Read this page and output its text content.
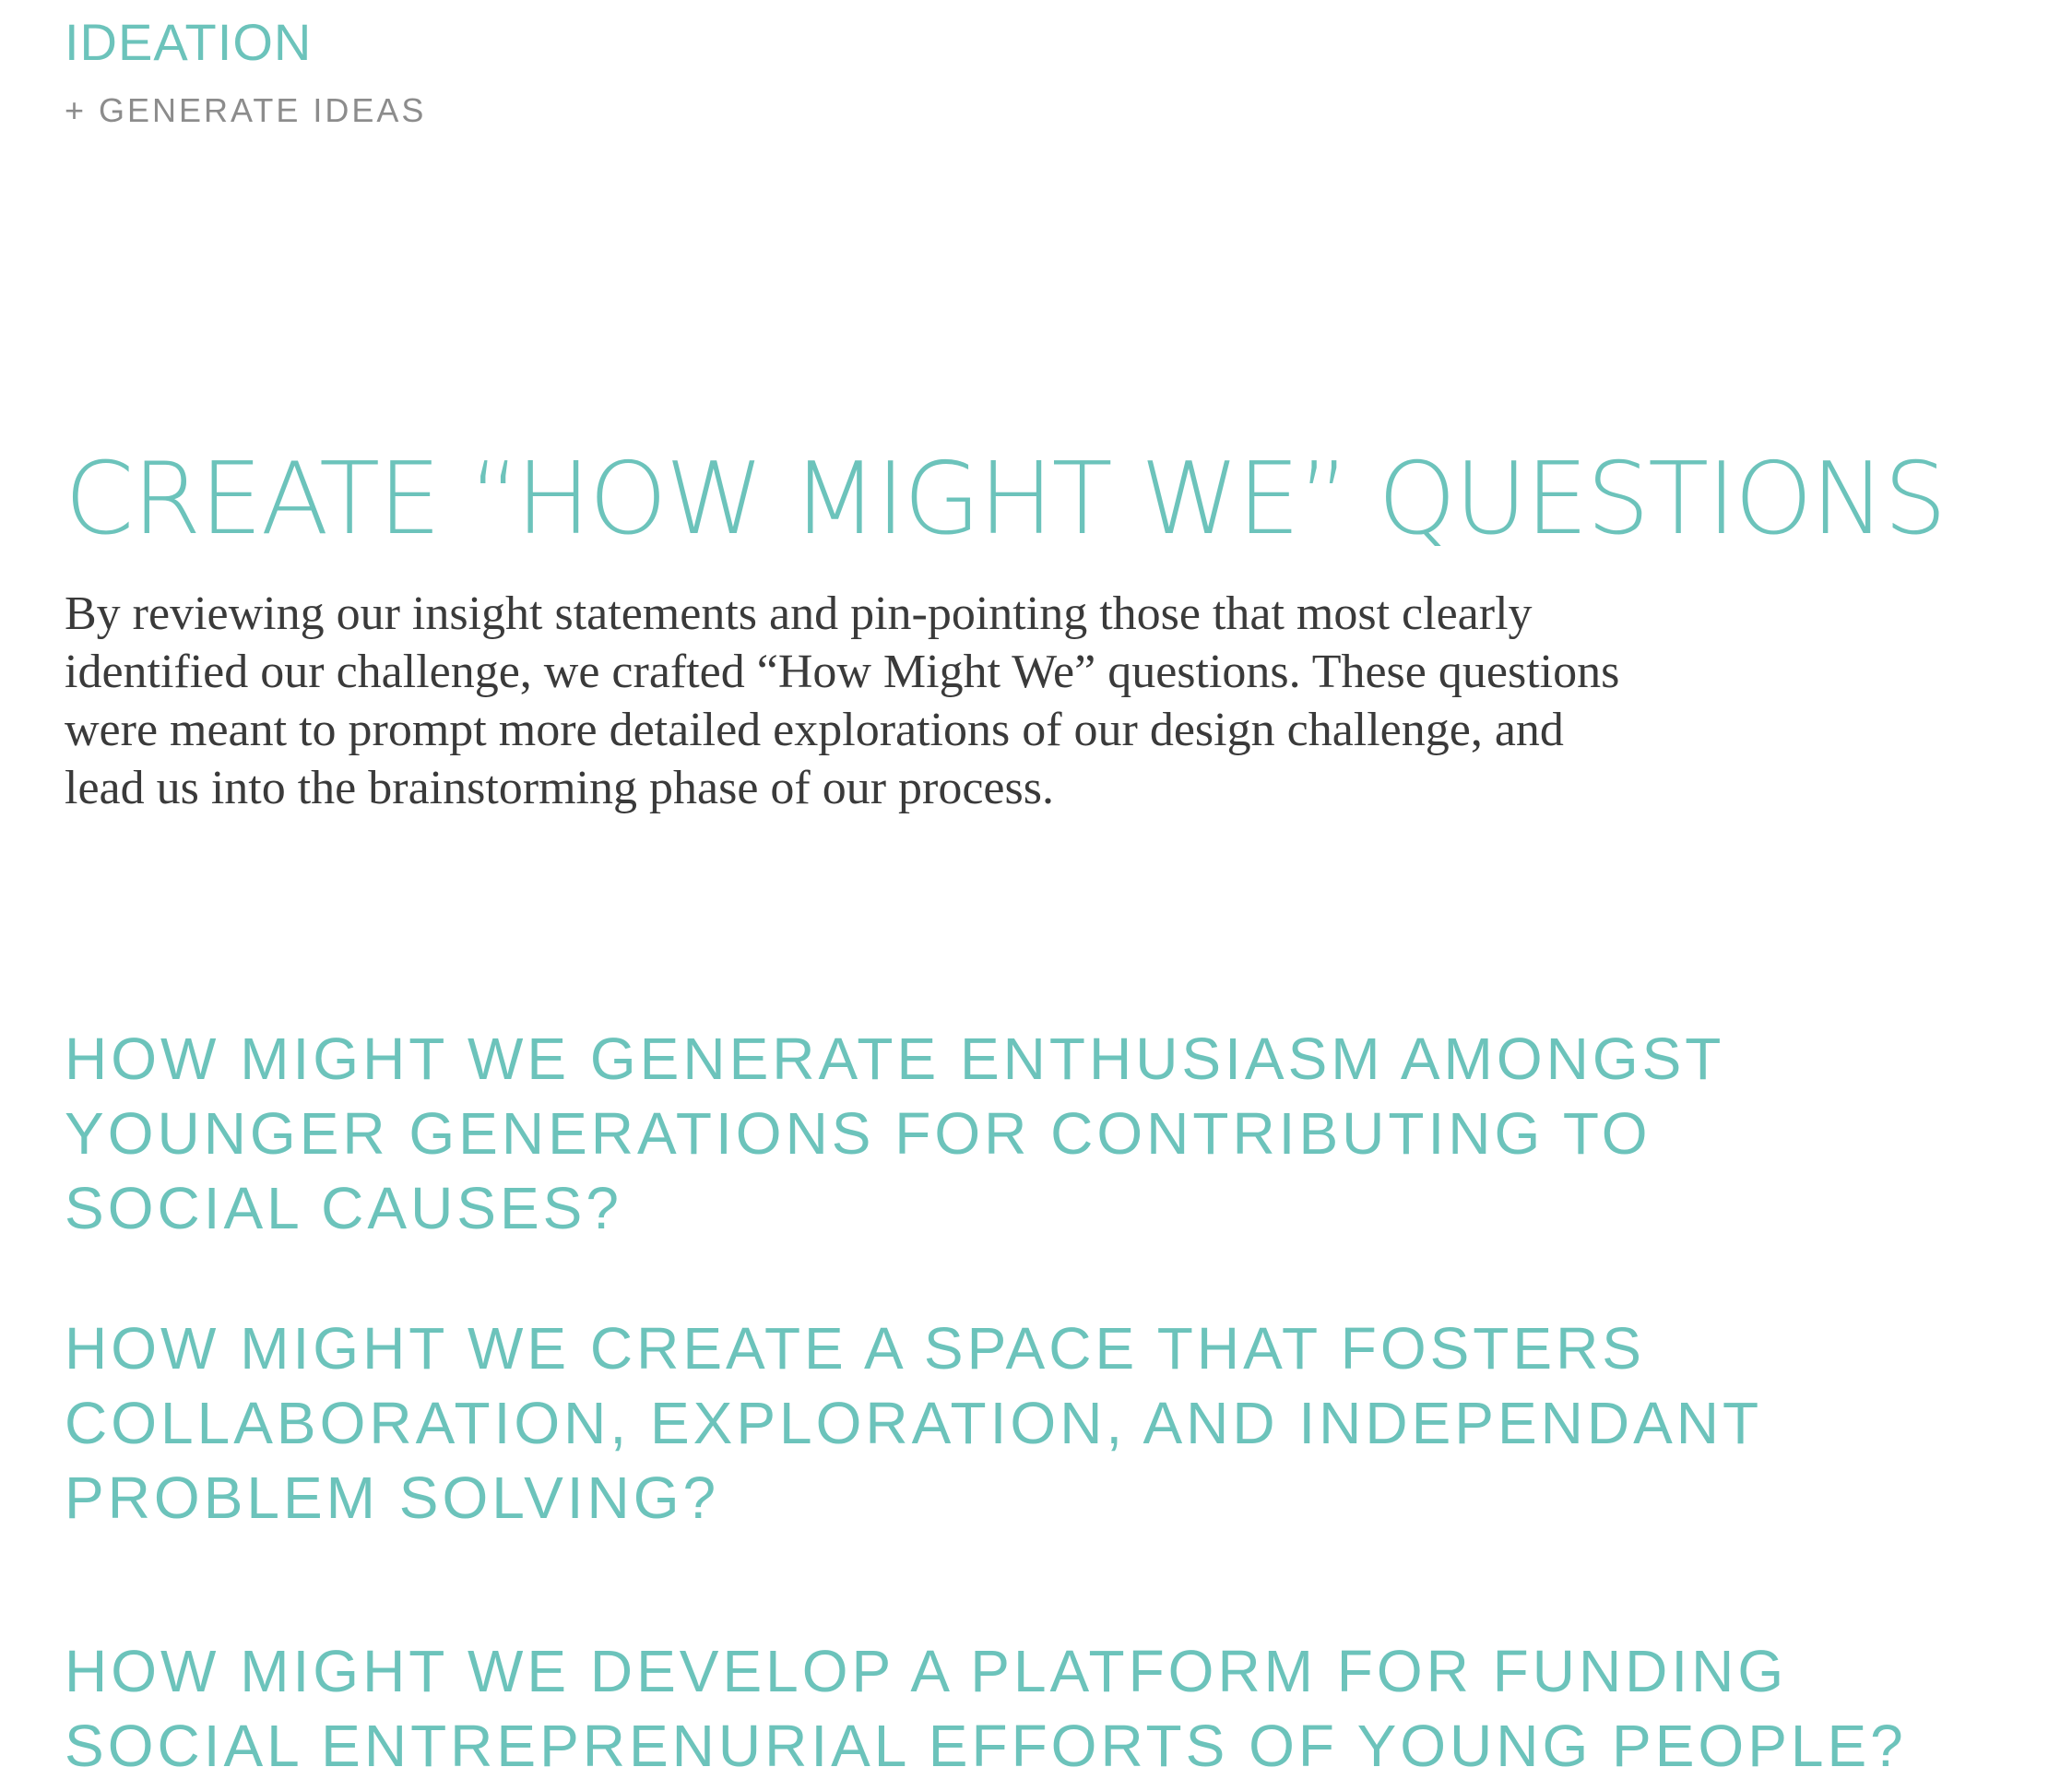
IDEATION
+ GENERATE IDEAS
CREATE “HOW MIGHT WE” QUESTIONS

By reviewing our insight statements and pin-pointing those that most clearly identified our challenge, we crafted “How Might We” questions. These questions were meant to prompt more detailed explorations of our design challenge, and lead us into the brainstorming phase of our process.

HOW MIGHT WE GENERATE ENTHUSIASM AMONGST YOUNGER GENERATIONS FOR CONTRIBUTING TO SOCIAL CAUSES?
HOW MIGHT WE CREATE A SPACE THAT FOSTERS COLLABORATION, EXPLORATION, AND INDEPENDANT PROBLEM SOLVING?
HOW MIGHT WE DEVELOP A PLATFORM FOR FUNDING SOCIAL ENTREPRENURIAL EFFORTS OF YOUNG PEOPLE?
